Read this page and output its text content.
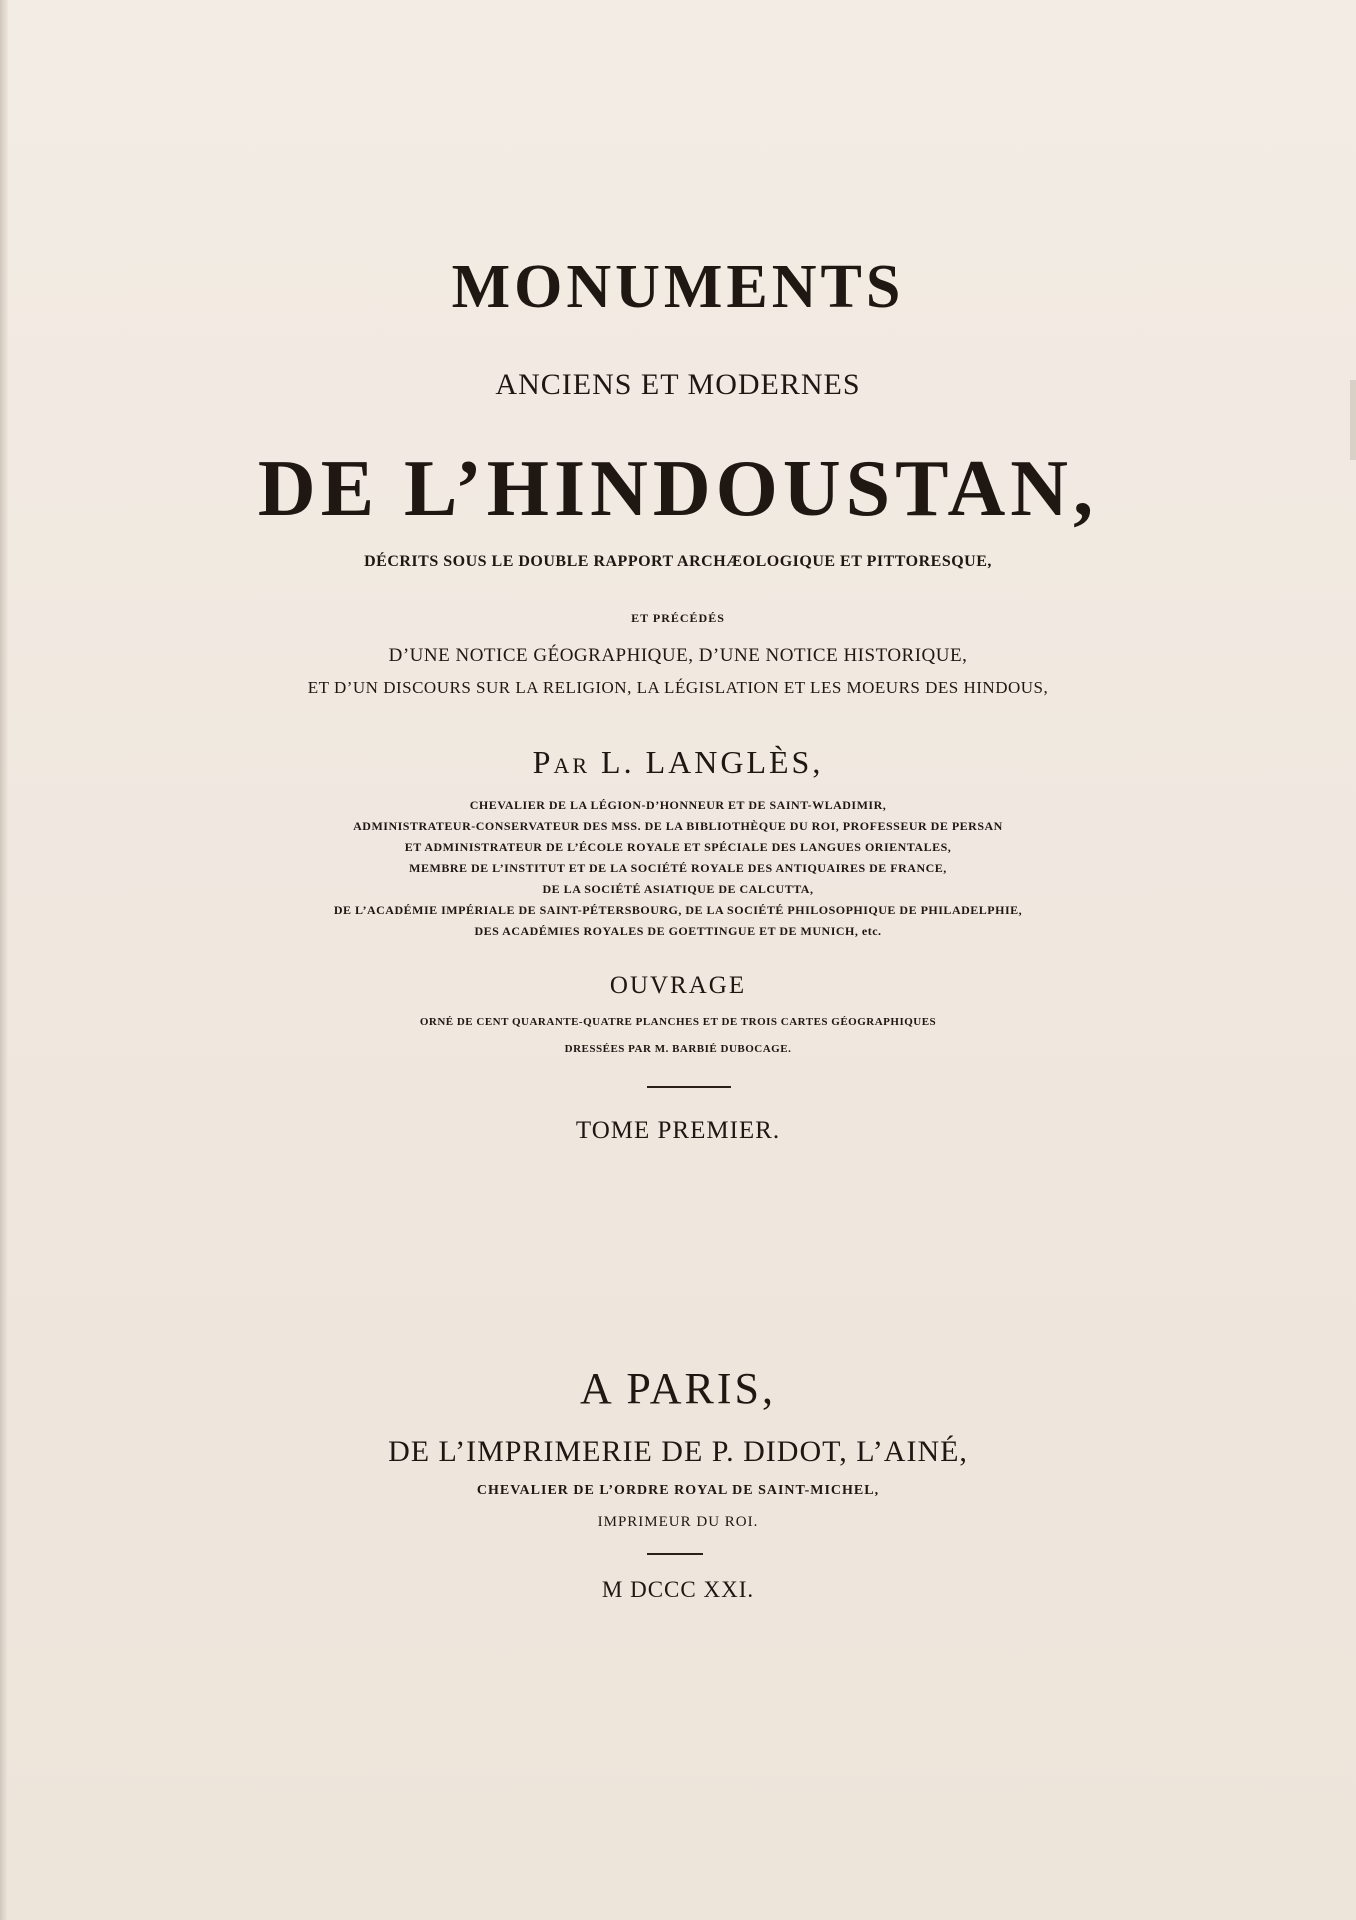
MONUMENTS
ANCIENS ET MODERNES
DE L’HINDOUSTAN,
DÉCRITS SOUS LE DOUBLE RAPPORT ARCHÆOLOGIQUE ET PITTORESQUE,
ET PRÉCÉDÉS
D’UNE NOTICE GÉOGRAPHIQUE, D’UNE NOTICE HISTORIQUE,
ET D’UN DISCOURS SUR LA RELIGION, LA LÉGISLATION ET LES MOEURS DES HINDOUS,
Par L. LANGLÈS,
CHEVALIER DE LA LÉGION-D’HONNEUR ET DE SAINT-WLADIMIR,
ADMINISTRATEUR-CONSERVATEUR DES MSS. DE LA BIBLIOTHÈQUE DU ROI, PROFESSEUR DE PERSAN
ET ADMINISTRATEUR DE L’ÉCOLE ROYALE ET SPÉCIALE DES LANGUES ORIENTALES,
MEMBRE DE L’INSTITUT ET DE LA SOCIÉTÉ ROYALE DES ANTIQUAIRES DE FRANCE,
DE LA SOCIÉTÉ ASIATIQUE DE CALCUTTA,
DE L’ACADÉMIE IMPÉRIALE DE SAINT-PÉTERSBOURG, DE LA SOCIÉTÉ PHILOSOPHIQUE DE PHILADELPHIE,
DES ACADÉMIES ROYALES DE GOETTINGUE ET DE MUNICH, etc.
OUVRAGE
ORNÉ DE CENT QUARANTE-QUATRE PLANCHES ET DE TROIS CARTES GÉOGRAPHIQUES
DRESSÉES PAR M. BARBIÉ DUBOCAGE.
TOME PREMIER.
A PARIS,
DE L’IMPRIMERIE DE P. DIDOT, L’AINÉ,
CHEVALIER DE L’ORDRE ROYAL DE SAINT-MICHEL,
IMPRIMEUR DU ROI.
M DCCC XXI.
